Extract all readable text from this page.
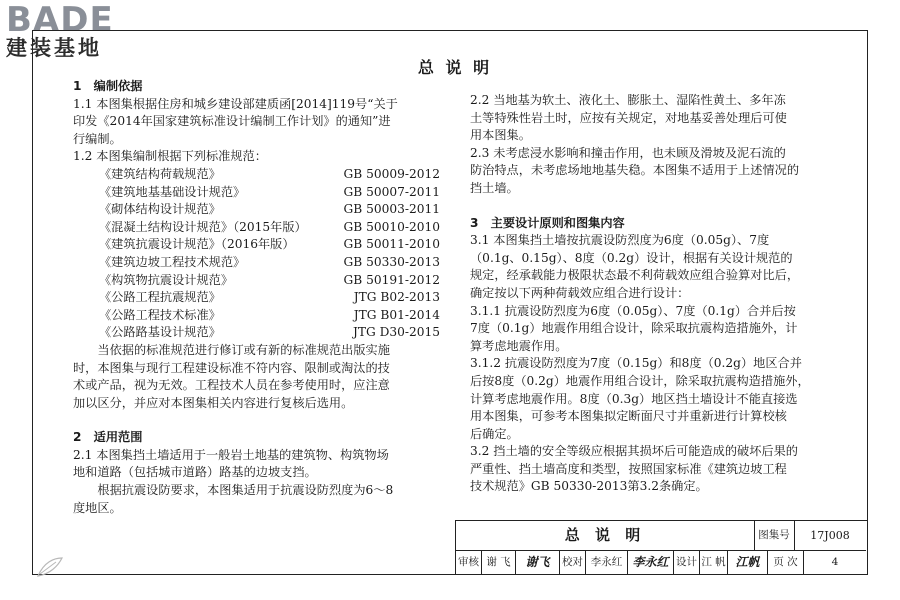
BADE
建装基地
总 说 明

1　编制依据

1.1 本图集根据住房和城乡建设部建质函[2014]119号“关于

印发《2014年国家建筑标准设计编制工作计划》的通知”进

行编制。

1.2 本图集编制根据下列标准规范：

《建筑结构荷载规范》	GB 50009-2012
《建筑地基基础设计规范》	GB 50007-2011
《砌体结构设计规范》	GB 50003-2011
《混凝土结构设计规范》（2015年版）	GB 50010-2010
《建筑抗震设计规范》（2016年版）	GB 50011-2010
《建筑边坡工程技术规范》	GB 50330-2013
《构筑物抗震设计规范》	GB 50191-2012
《公路工程抗震规范》	JTG B02-2013
《公路工程技术标准》	JTG B01-2014
《公路路基设计规范》	JTG D30-2015

当依据的标准规范进行修订或有新的标准规范出版实施

时，本图集与现行工程建设标准不符内容、限制或淘汰的技

术或产品，视为无效。工程技术人员在参考使用时，应注意

加以区分，并应对本图集相关内容进行复核后选用。

2　适用范围

2.1 本图集挡土墙适用于一般岩土地基的建筑物、构筑物场

地和道路（包括城市道路）路基的边坡支挡。

根据抗震设防要求，本图集适用于抗震设防烈度为6～8

度地区。

2.2 当地基为软土、液化土、膨胀土、湿陷性黄土、多年冻

土等特殊性岩土时，应按有关规定，对地基妥善处理后可使

用本图集。

2.3 未考虑浸水影响和撞击作用，也未顾及滑坡及泥石流的

防治特点，未考虑场地地基失稳。本图集不适用于上述情况的

挡土墙。

3　主要设计原则和图集内容

3.1 本图集挡土墙按抗震设防烈度为6度（0.05g）、7度

（0.1g、0.15g）、8度（0.2g）设计，根据有关设计规范的

规定，经承载能力极限状态最不利荷载效应组合验算对比后，

确定按以下两种荷载效应组合进行设计：

3.1.1 抗震设防烈度为6度（0.05g）、7度（0.1g）合并后按

7度（0.1g）地震作用组合设计，除采取抗震构造措施外，计

算考虑地震作用。

3.1.2 抗震设防烈度为7度（0.15g）和8度（0.2g）地区合并

后按8度（0.2g）地震作用组合设计，除采取抗震构造措施外，

计算考虑地震作用。8度（0.3g）地区挡土墙设计不能直接选

用本图集，可参考本图集拟定断面尺寸并重新进行计算校核

后确定。

3.2 挡土墙的安全等级应根据其损坏后可能造成的破坏后果的

严重性、挡土墙高度和类型，按照国家标准《建筑边坡工程

技术规范》GB 50330-2013第3.2条确定。

总 说 明	图集号	17J008
审核 谢 飞	谢飞	校对 李永红 李永红 设计 江 帆 江帆	页 次	4
